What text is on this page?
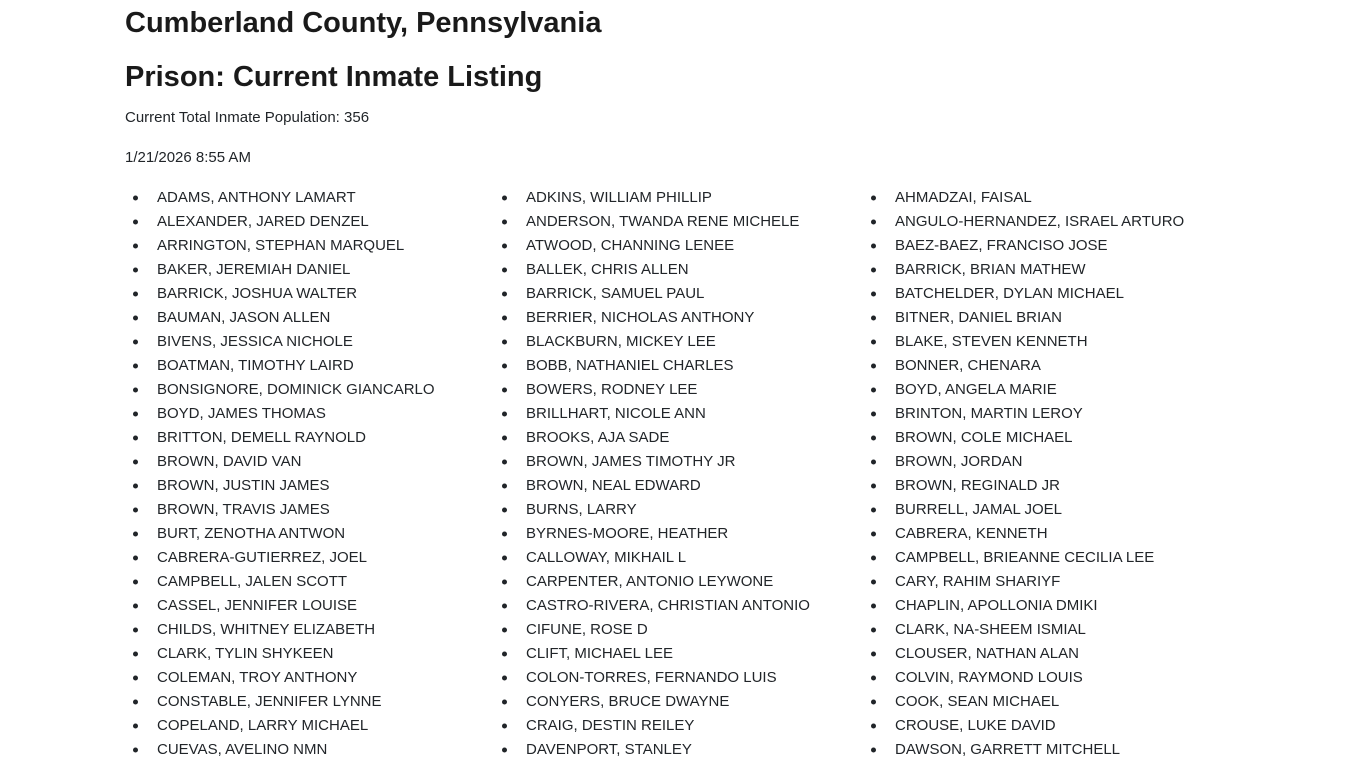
Cumberland County, Pennsylvania
Prison: Current Inmate Listing

Current Total Inmate Population: 356

1/21/2026 8:55 AM

ADAMS, ANTHONY LAMART	ADKINS, WILLIAM PHILLIP	AHMADZAI, FAISAL
ALEXANDER, JARED DENZEL	ANDERSON, TWANDA RENE MICHELE	ANGULO-HERNANDEZ, ISRAEL ARTURO
ARRINGTON, STEPHAN MARQUEL	ATWOOD, CHANNING LENEE	BAEZ-BAEZ, FRANCISO JOSE
BAKER, JEREMIAH DANIEL	BALLEK, CHRIS ALLEN	BARRICK, BRIAN MATHEW
BARRICK, JOSHUA WALTER	BARRICK, SAMUEL PAUL	BATCHELDER, DYLAN MICHAEL
BAUMAN, JASON ALLEN	BERRIER, NICHOLAS ANTHONY	BITNER, DANIEL BRIAN
BIVENS, JESSICA NICHOLE	BLACKBURN, MICKEY LEE	BLAKE, STEVEN KENNETH
BOATMAN, TIMOTHY LAIRD	BOBB, NATHANIEL CHARLES	BONNER, CHENARA
BONSIGNORE, DOMINICK GIANCARLO	BOWERS, RODNEY LEE	BOYD, ANGELA MARIE
BOYD, JAMES THOMAS	BRILLHART, NICOLE ANN	BRINTON, MARTIN LEROY
BRITTON, DEMELL RAYNOLD	BROOKS, AJA SADE	BROWN, COLE MICHAEL
BROWN, DAVID VAN	BROWN, JAMES TIMOTHY JR	BROWN, JORDAN
BROWN, JUSTIN JAMES	BROWN, NEAL EDWARD	BROWN, REGINALD JR
BROWN, TRAVIS JAMES	BURNS, LARRY	BURRELL, JAMAL JOEL
BURT, ZENOTHA ANTWON	BYRNES-MOORE, HEATHER	CABRERA, KENNETH
CABRERA-GUTIERREZ, JOEL	CALLOWAY, MIKHAIL L	CAMPBELL, BRIEANNE CECILIA LEE
CAMPBELL, JALEN SCOTT	CARPENTER, ANTONIO LEYWONE	CARY, RAHIM SHARIYF
CASSEL, JENNIFER LOUISE	CASTRO-RIVERA, CHRISTIAN ANTONIO	CHAPLIN, APOLLONIA DMIKI
CHILDS, WHITNEY ELIZABETH	CIFUNE, ROSE D	CLARK, NA-SHEEM ISMIAL
CLARK, TYLIN SHYKEEN	CLIFT, MICHAEL LEE	CLOUSER, NATHAN ALAN
COLEMAN, TROY ANTHONY	COLON-TORRES, FERNANDO LUIS	COLVIN, RAYMOND LOUIS
CONSTABLE, JENNIFER LYNNE	CONYERS, BRUCE DWAYNE	COOK, SEAN MICHAEL
COPELAND, LARRY MICHAEL	CRAIG, DESTIN REILEY	CROUSE, LUKE DAVID
CUEVAS, AVELINO NMN	DAVENPORT, STANLEY	DAWSON, GARRETT MITCHELL
